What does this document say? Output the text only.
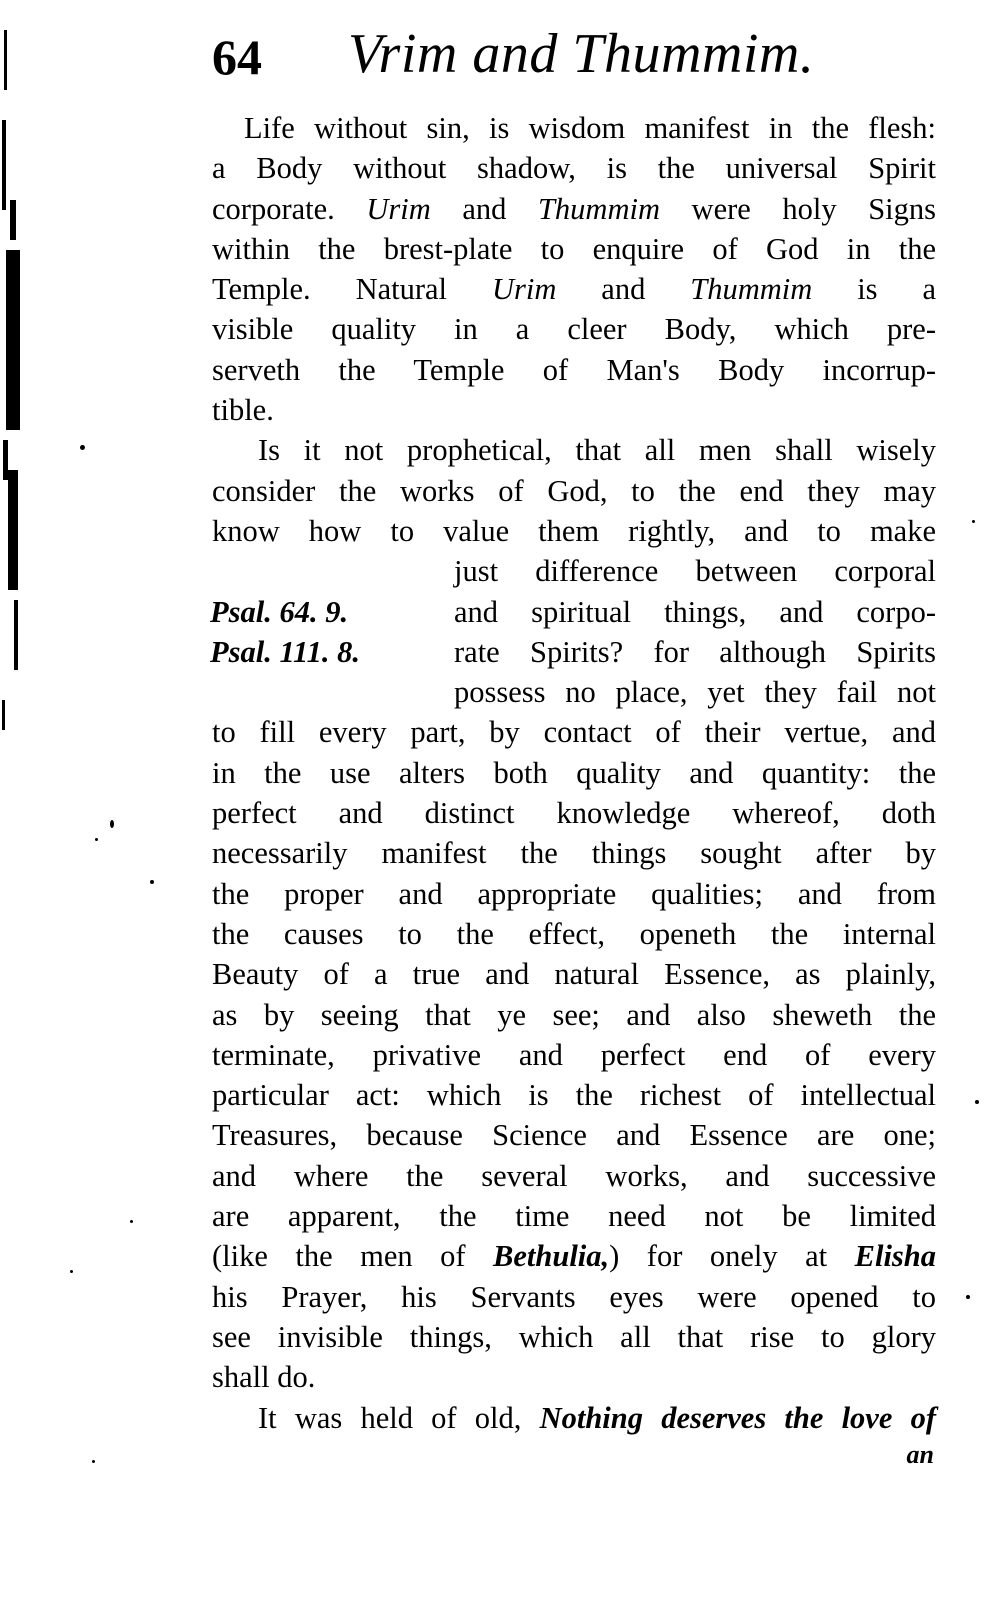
64 Vrim and Thummim.
Life without sin, is wisdom manifest in the flesh:
a Body without shadow, is the universal Spirit
corporate. Urim and Thummim were holy Signs
within the brest-plate to enquire of God in the
Temple. Natural Urim and Thummim is a
visible quality in a cleer Body, which pre-
serveth the Temple of Man's Body incorrup-
tible.
Is it not prophetical, that all men shall wisely
consider the works of God, to the end they may
know how to value them rightly, and to make
Psal. 64. 9.
Psal. 111. 8.
just difference between corporal
and spiritual things, and corpo-
rate Spirits? for although Spirits
possess no place, yet they fail not
to fill every part, by contact of their vertue, and
in the use alters both quality and quantity: the
perfect and distinct knowledge whereof, doth
necessarily manifest the things sought after by
the proper and appropriate qualities; and from
the causes to the effect, openeth the internal
Beauty of a true and natural Essence, as plainly,
as by seeing that ye see; and also sheweth the
terminate, privative and perfect end of every
particular act: which is the richest of intellectual
Treasures, because Science and Essence are one;
and where the several works, and successive
are apparent, the time need not be limited
(like the men of Bethulia,) for onely at Elisha
his Prayer, his Servants eyes were opened to
see invisible things, which all that rise to glory
shall do.
It was held of old, Nothing deserves the love of
an
